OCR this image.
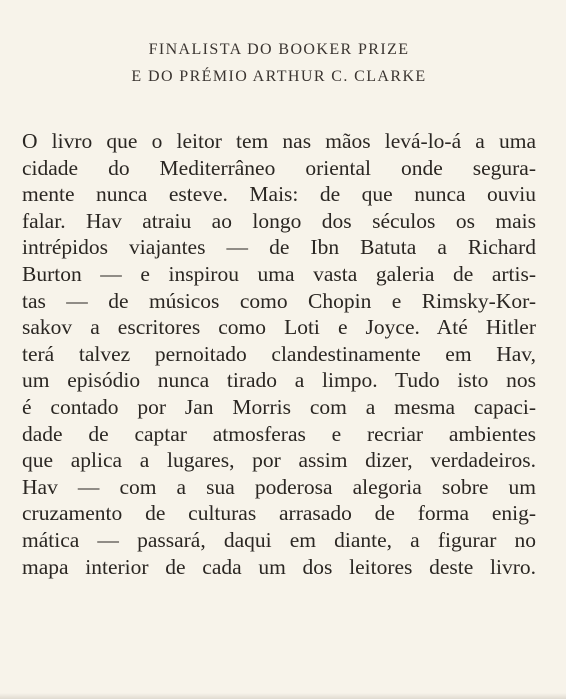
FINALISTA DO BOOKER PRIZE
E DO PRÉMIO ARTHUR C. CLARKE
O livro que o leitor tem nas mãos levá-lo-á a uma
cidade do Mediterrâneo oriental onde segura-
mente nunca esteve. Mais: de que nunca ouviu
falar. Hav atraiu ao longo dos séculos os mais
intrépidos viajantes — de Ibn Batuta a Richard
Burton — e inspirou uma vasta galeria de artis-
tas — de músicos como Chopin e Rimsky-Kor-
sakov a escritores como Loti e Joyce. Até Hitler
terá talvez pernoitado clandestinamente em Hav,
um episódio nunca tirado a limpo. Tudo isto nos
é contado por Jan Morris com a mesma capaci-
dade de captar atmosferas e recriar ambientes
que aplica a lugares, por assim dizer, verdadeiros.
Hav — com a sua poderosa alegoria sobre um
cruzamento de culturas arrasado de forma enig-
mática — passará, daqui em diante, a figurar no
mapa interior de cada um dos leitores deste livro.
